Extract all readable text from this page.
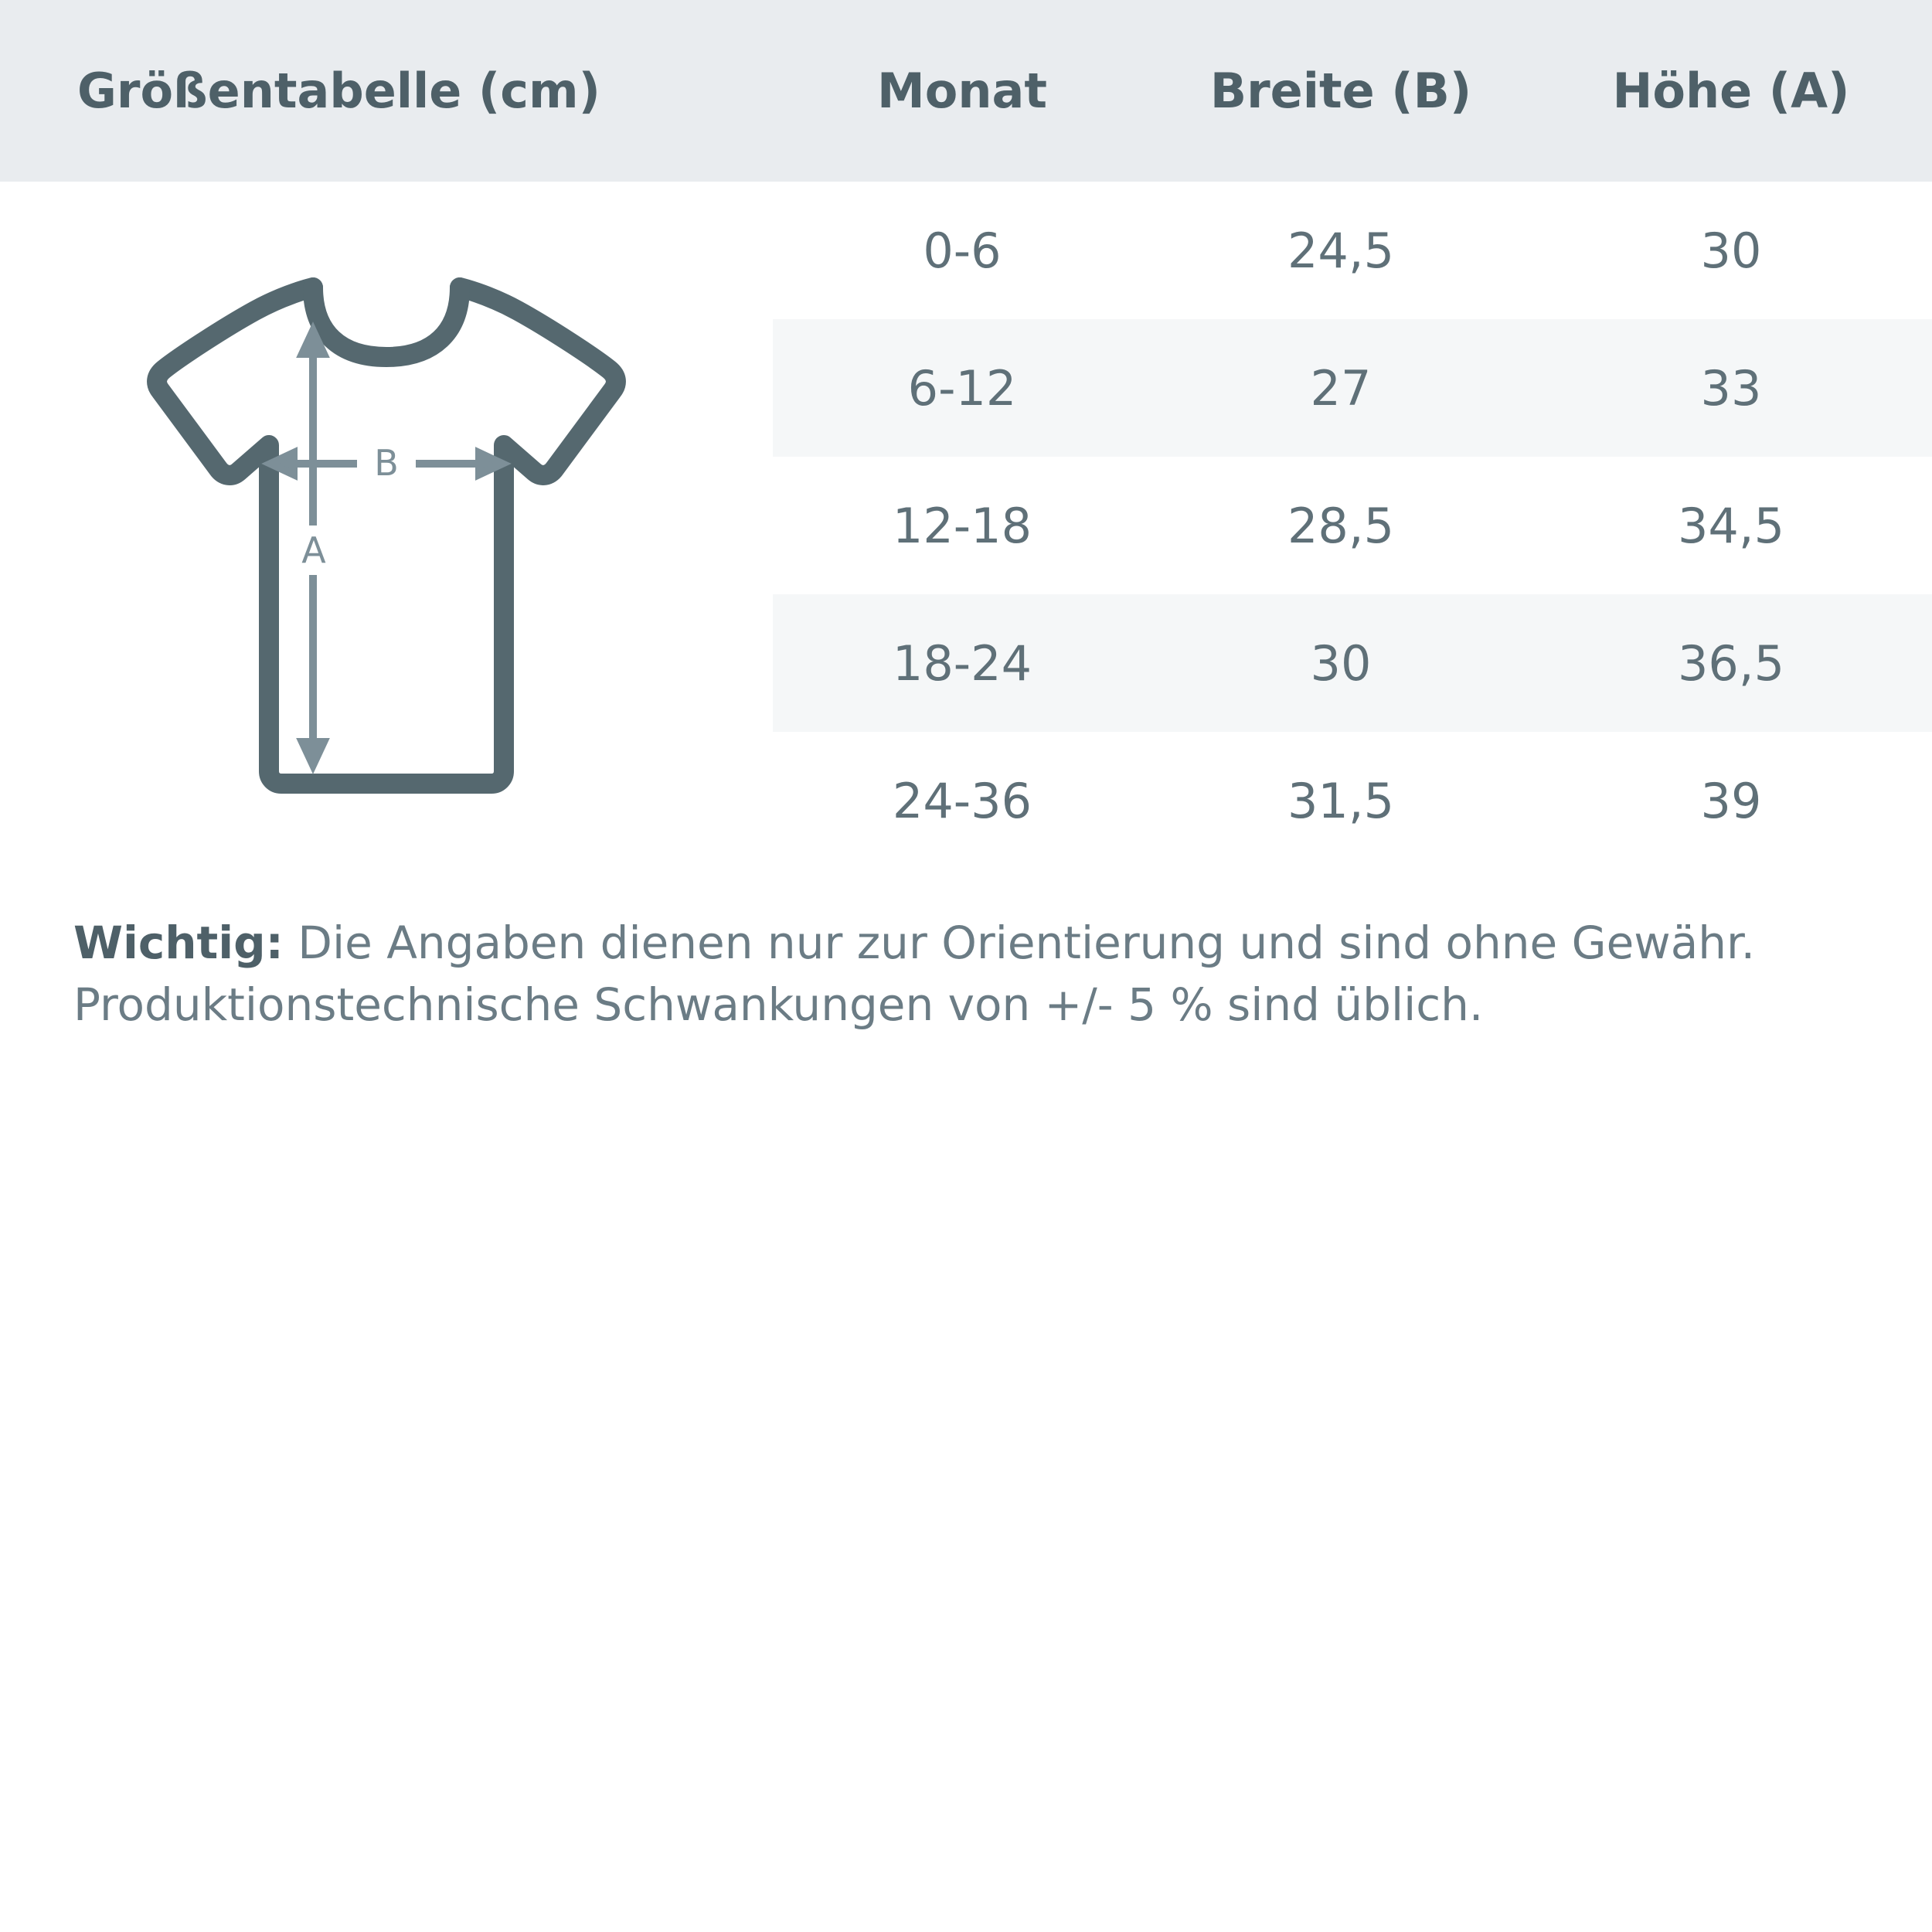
Größentabelle (cm)	Monat	Breite (B)	Höhe (A)

B
A	0-6	24,5	30
	6-12	27	33
	12-18	28,5	34,5
	18-24	30	36,5
	24-36	31,5	39
Wichtig: Die Angaben dienen nur zur Orientierung und sind ohne Gewähr.
Produktionstechnische Schwankungen von +/- 5 % sind üblich.
